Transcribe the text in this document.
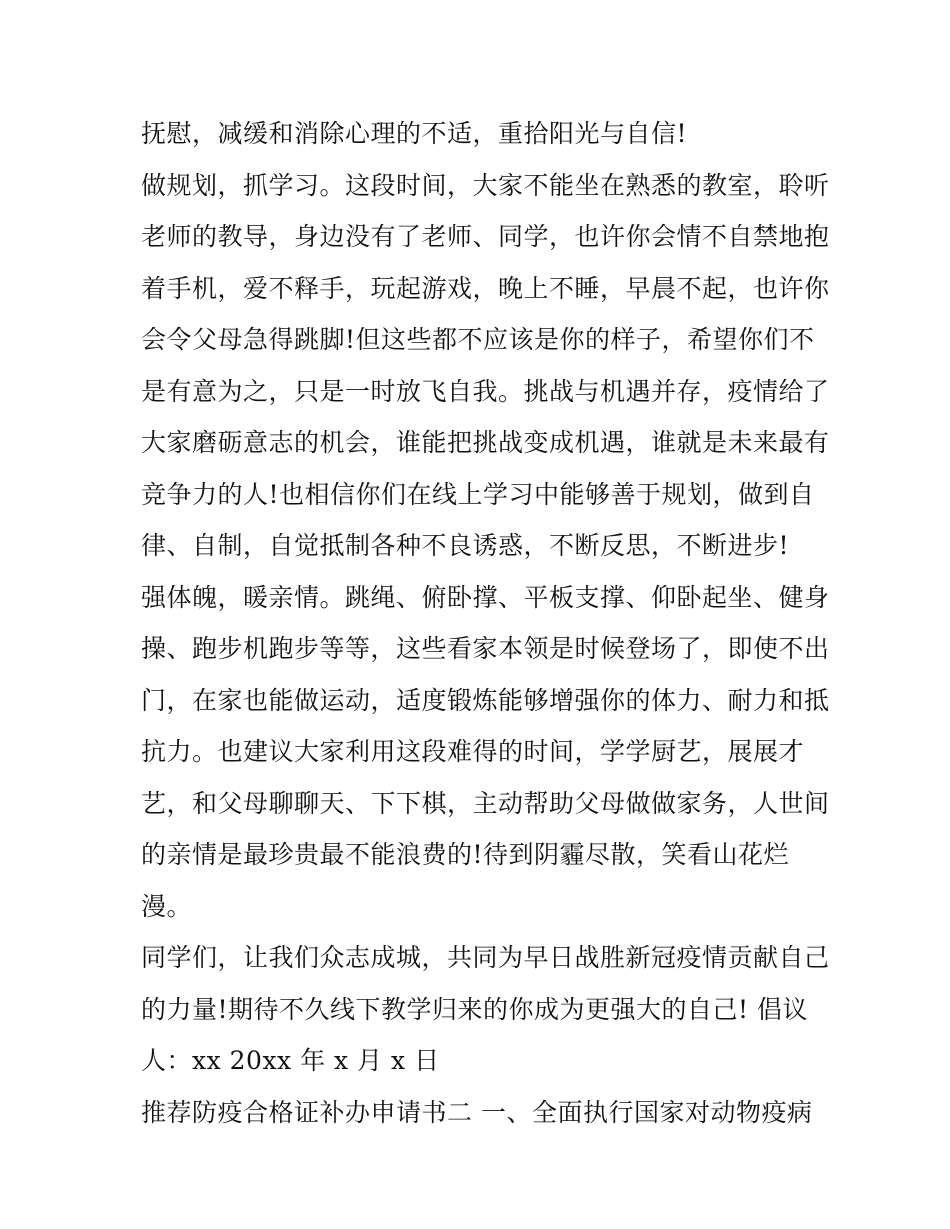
抚慰，减缓和消除心理的不适，重拾阳光与自信!
做规划，抓学习。这段时间，大家不能坐在熟悉的教室，聆听
老师的教导，身边没有了老师、同学，也许你会情不自禁地抱
着手机，爱不释手，玩起游戏，晚上不睡，早晨不起，也许你
会令父母急得跳脚!但这些都不应该是你的样子，希望你们不
是有意为之，只是一时放飞自我。挑战与机遇并存，疫情给了
大家磨砺意志的机会，谁能把挑战变成机遇，谁就是未来最有
竞争力的人!也相信你们在线上学习中能够善于规划，做到自
律、自制，自觉抵制各种不良诱惑，不断反思，不断进步!
强体魄，暖亲情。跳绳、俯卧撑、平板支撑、仰卧起坐、健身
操、跑步机跑步等等，这些看家本领是时候登场了，即使不出
门，在家也能做运动，适度锻炼能够增强你的体力、耐力和抵
抗力。也建议大家利用这段难得的时间，学学厨艺，展展才
艺，和父母聊聊天、下下棋，主动帮助父母做做家务，人世间
的亲情是最珍贵最不能浪费的!待到阴霾尽散，笑看山花烂
漫。
同学们，让我们众志成城，共同为早日战胜新冠疫情贡献自己
的力量!期待不久线下教学归来的你成为更强大的自己! 倡议
人：xx 20xx 年 x 月 x 日
推荐防疫合格证补办申请书二 一、全面执行国家对动物疫病
